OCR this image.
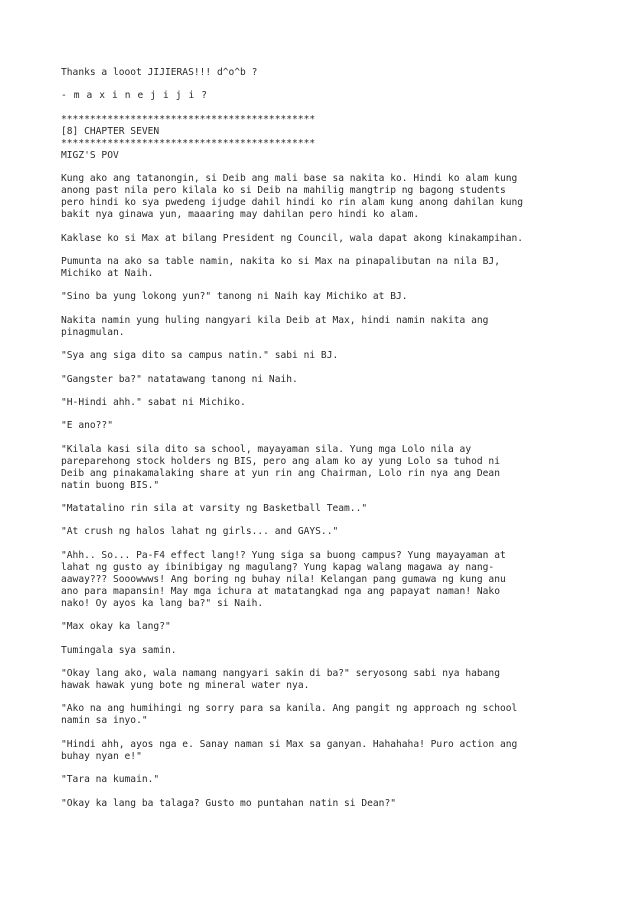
Thanks a looot JIJIERAS!!! d^o^b ?

- m a x i n e j i j i ?

********************************************
[8] CHAPTER SEVEN
********************************************
MIGZ'S POV

Kung ako ang tatanongin, si Deib ang mali base sa nakita ko. Hindi ko alam kung
anong past nila pero kilala ko si Deib na mahilig mangtrip ng bagong students
pero hindi ko sya pwedeng ijudge dahil hindi ko rin alam kung anong dahilan kung
bakit nya ginawa yun, maaaring may dahilan pero hindi ko alam.

Kaklase ko si Max at bilang President ng Council, wala dapat akong kinakampihan.

Pumunta na ako sa table namin, nakita ko si Max na pinapalibutan na nila BJ,
Michiko at Naih.

"Sino ba yung lokong yun?" tanong ni Naih kay Michiko at BJ.

Nakita namin yung huling nangyari kila Deib at Max, hindi namin nakita ang
pinagmulan.

"Sya ang siga dito sa campus natin." sabi ni BJ.

"Gangster ba?" natatawang tanong ni Naih.

"H-Hindi ahh." sabat ni Michiko.

"E ano??"

"Kilala kasi sila dito sa school, mayayaman sila. Yung mga Lolo nila ay
pareparehong stock holders ng BIS, pero ang alam ko ay yung Lolo sa tuhod ni
Deib ang pinakamalaking share at yun rin ang Chairman, Lolo rin nya ang Dean
natin buong BIS."

"Matatalino rin sila at varsity ng Basketball Team.."

"At crush ng halos lahat ng girls... and GAYS.."

"Ahh.. So... Pa-F4 effect lang!? Yung siga sa buong campus? Yung mayayaman at
lahat ng gusto ay ibinibigay ng magulang? Yung kapag walang magawa ay nang-
aaway??? Sooowwws! Ang boring ng buhay nila! Kelangan pang gumawa ng kung anu
ano para mapansin! May mga ichura at matatangkad nga ang papayat naman! Nako
nako! Oy ayos ka lang ba?" si Naih.

"Max okay ka lang?"

Tumingala sya samin.

"Okay lang ako, wala namang nangyari sakin di ba?" seryosong sabi nya habang
hawak hawak yung bote ng mineral water nya.

"Ako na ang humihingi ng sorry para sa kanila. Ang pangit ng approach ng school
namin sa inyo."

"Hindi ahh, ayos nga e. Sanay naman si Max sa ganyan. Hahahaha! Puro action ang
buhay nyan e!"

"Tara na kumain."

"Okay ka lang ba talaga? Gusto mo puntahan natin si Dean?"
